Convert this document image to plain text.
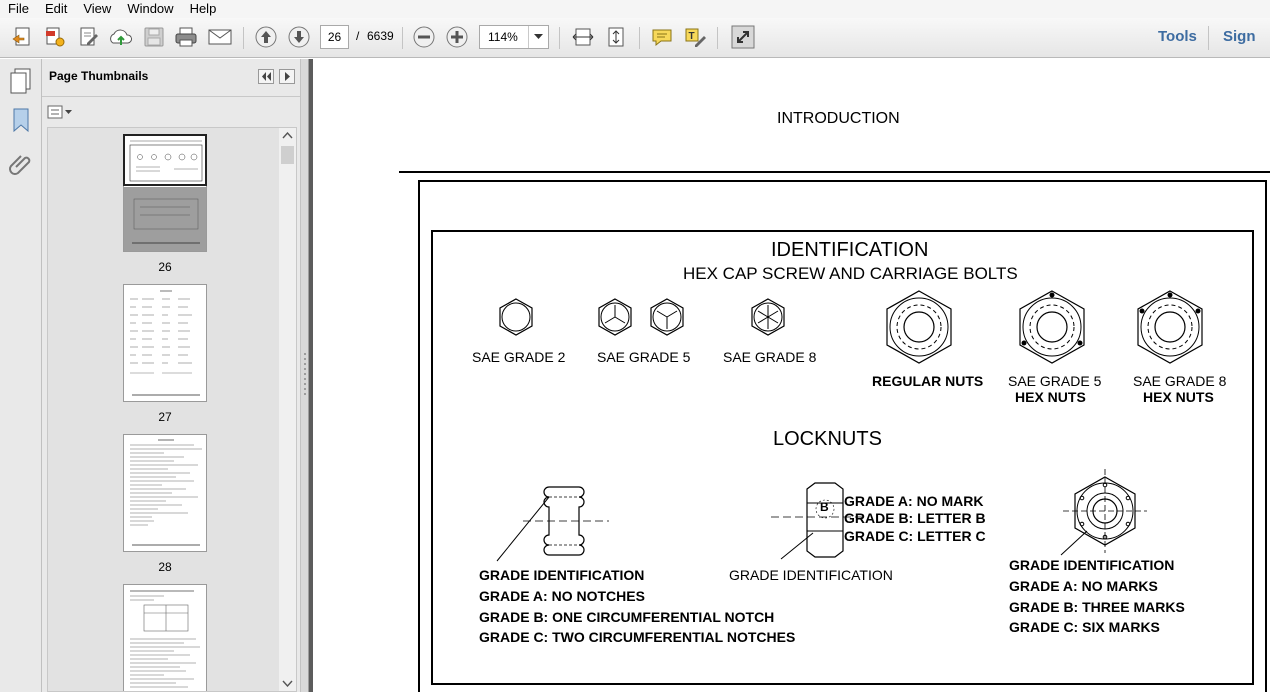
File	Edit	View	Window	Help
26
/ 6639	114%	T	Tools Sign
Page Thumbnails
26
27
28
INTRODUCTION
IDENTIFICATION
HEX CAP SCREW AND CARRIAGE BOLTS
SAE GRADE 2 SAE GRADE 5 SAE GRADE 8
REGULAR NUTS SAE GRADE 5
HEX NUTS
SAE GRADE 8
HEX NUTS
LOCKNUTS
GRADE IDENTIFICATION
GRADE A: NO NOTCHES
GRADE B: ONE CIRCUMFERENTIAL NOTCH
GRADE C: TWO CIRCUMFERENTIAL NOTCHES
B GRADE A: NO MARK
GRADE B: LETTER B
GRADE C: LETTER C
GRADE IDENTIFICATION
GRADE IDENTIFICATION
GRADE A: NO MARKS
GRADE B: THREE MARKS
GRADE C: SIX MARKS
